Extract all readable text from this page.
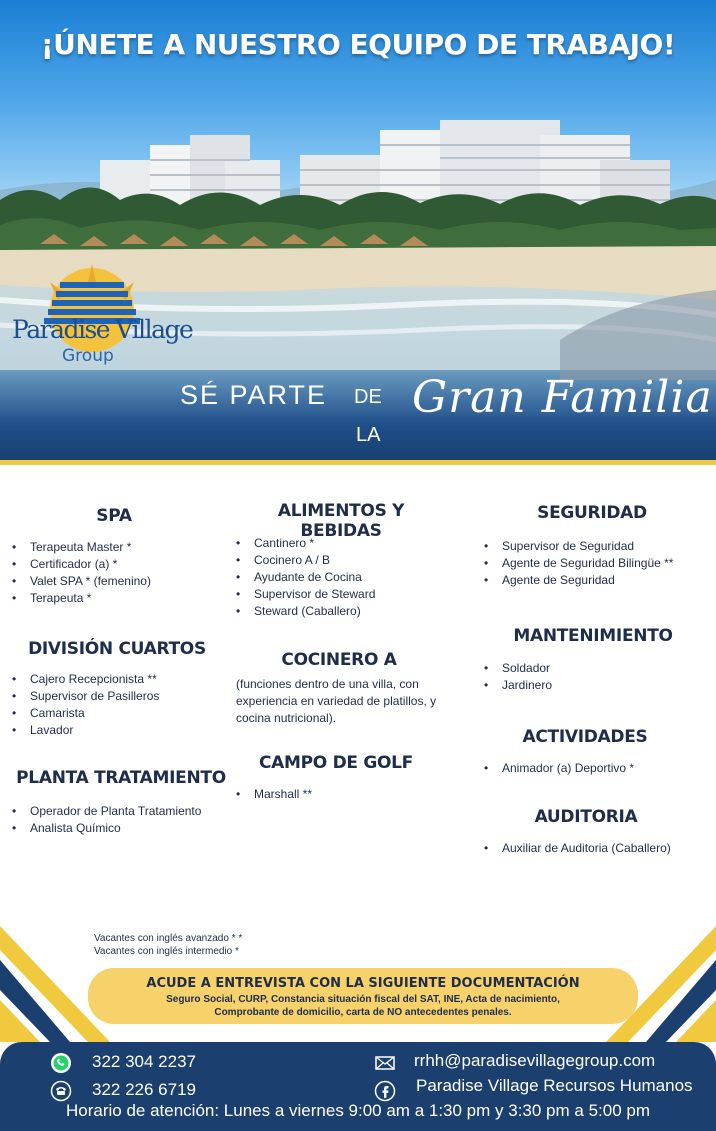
¡ÚNETE A NUESTRO EQUIPO DE TRABAJO!
Paradise Village
Group
SÉ PARTE DE
LA
Gran Familia
SPA
• Terapeuta Master *
• Certificador (a) *
• Valet SPA * (femenino)
• Terapeuta *
DIVISIÓN CUARTOS
• Cajero Recepcionista **
• Supervisor de Pasilleros
• Camarista
• Lavador
PLANTA TRATAMIENTO
• Operador de Planta Tratamiento
• Analista Químico
ALIMENTOS Y BEBIDAS
• Cantinero *
• Cocinero A / B
• Ayudante de Cocina
• Supervisor de Steward
• Steward (Caballero)
COCINERO A
(funciones dentro de una villa, con experiencia en variedad de platillos, y cocina nutricional).
CAMPO DE GOLF
• Marshall **
SEGURIDAD
• Supervisor de Seguridad
• Agente de Seguridad Bilingüe **
• Agente de Seguridad
MANTENIMIENTO
• Soldador
• Jardinero
ACTIVIDADES
• Animador (a) Deportivo *
AUDITORIA
• Auxiliar de Auditoria (Caballero)
Vacantes con inglés avanzado * *
Vacantes con inglés intermedio *
ACUDE A ENTREVISTA CON LA SIGUIENTE DOCUMENTACIÓN
Seguro Social, CURP, Constancia situación fiscal del SAT, INE, Acta de nacimiento,
Comprobante de domicilio, carta de NO antecedentes penales.
322 304 2237
322 226 6719
rrhh@paradisevillagegroup.com
Paradise Village Recursos Humanos
Horario de atención: Lunes a viernes 9:00 am a 1:30 pm y 3:30 pm a 5:00 pm
